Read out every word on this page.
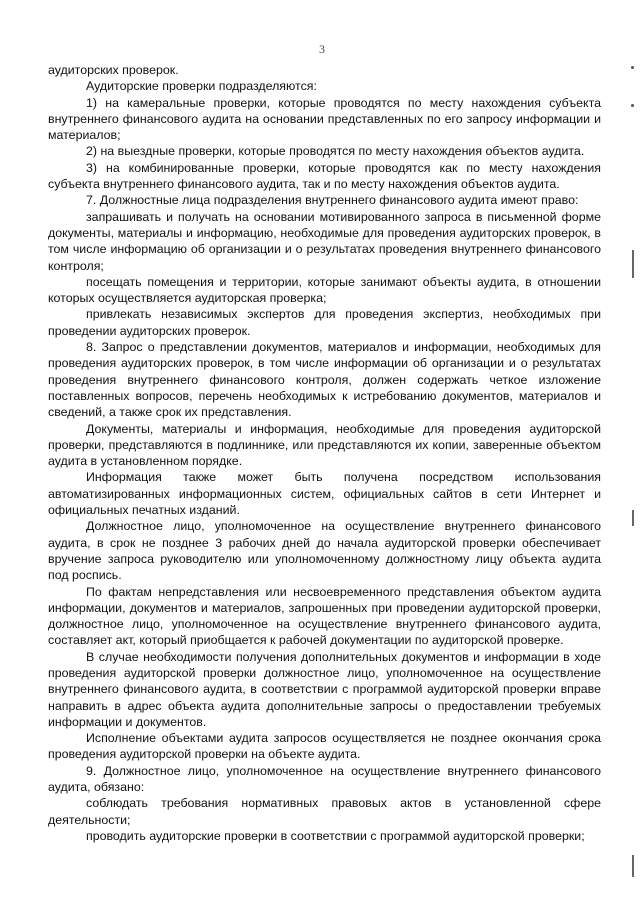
3

аудиторских проверок.

Аудиторские проверки подразделяются:

1) на камеральные проверки, которые проводятся по месту нахождения субъекта внутреннего финансового аудита на основании представленных по его запросу информации и материалов;

2) на выездные проверки, которые проводятся по месту нахождения объектов аудита.

3) на комбинированные проверки, которые проводятся как по месту нахождения субъекта внутреннего финансового аудита, так и по месту нахождения объектов аудита.

7. Должностные лица подразделения внутреннего финансового аудита имеют право:

запрашивать и получать на основании мотивированного запроса в письменной форме документы, материалы и информацию, необходимые для проведения аудиторских проверок, в том числе информацию об организации и о результатах проведения внутреннего финансового контроля;

посещать помещения и территории, которые занимают объекты аудита, в отношении которых осуществляется аудиторская проверка;

привлекать независимых экспертов для проведения экспертиз, необходимых при проведении аудиторских проверок.

8. Запрос о представлении документов, материалов и информации, необходимых для проведения аудиторских проверок, в том числе информации об организации и о результатах проведения внутреннего финансового контроля, должен содержать четкое изложение поставленных вопросов, перечень необходимых к истребованию документов, материалов и сведений, а также срок их представления.

Документы, материалы и информация, необходимые для проведения аудиторской проверки, представляются в подлиннике, или представляются их копии, заверенные объектом аудита в установленном порядке.

Информация также может быть получена посредством использования автоматизированных информационных систем, официальных сайтов в сети Интернет и официальных печатных изданий.

Должностное лицо, уполномоченное на осуществление внутреннего финансового аудита, в срок не позднее 3 рабочих дней до начала аудиторской проверки обеспечивает вручение запроса руководителю или уполномоченному должностному лицу объекта аудита под роспись.

По фактам непредставления или несвоевременного представления объектом аудита информации, документов и материалов, запрошенных при проведении аудиторской проверки, должностное лицо, уполномоченное на осуществление внутреннего финансового аудита, составляет акт, который приобщается к рабочей документации по аудиторской проверке.

В случае необходимости получения дополнительных документов и информации в ходе проведения аудиторской проверки должностное лицо, уполномоченное на осуществление внутреннего финансового аудита, в соответствии с программой аудиторской проверки вправе направить в адрес объекта аудита дополнительные запросы о предоставлении требуемых информации и документов.

Исполнение объектами аудита запросов осуществляется не позднее окончания срока проведения аудиторской проверки на объекте аудита.

9. Должностное лицо, уполномоченное на осуществление внутреннего финансового аудита, обязано:

соблюдать требования нормативных правовых актов в установленной сфере деятельности;

проводить аудиторские проверки в соответствии с программой аудиторской проверки;
